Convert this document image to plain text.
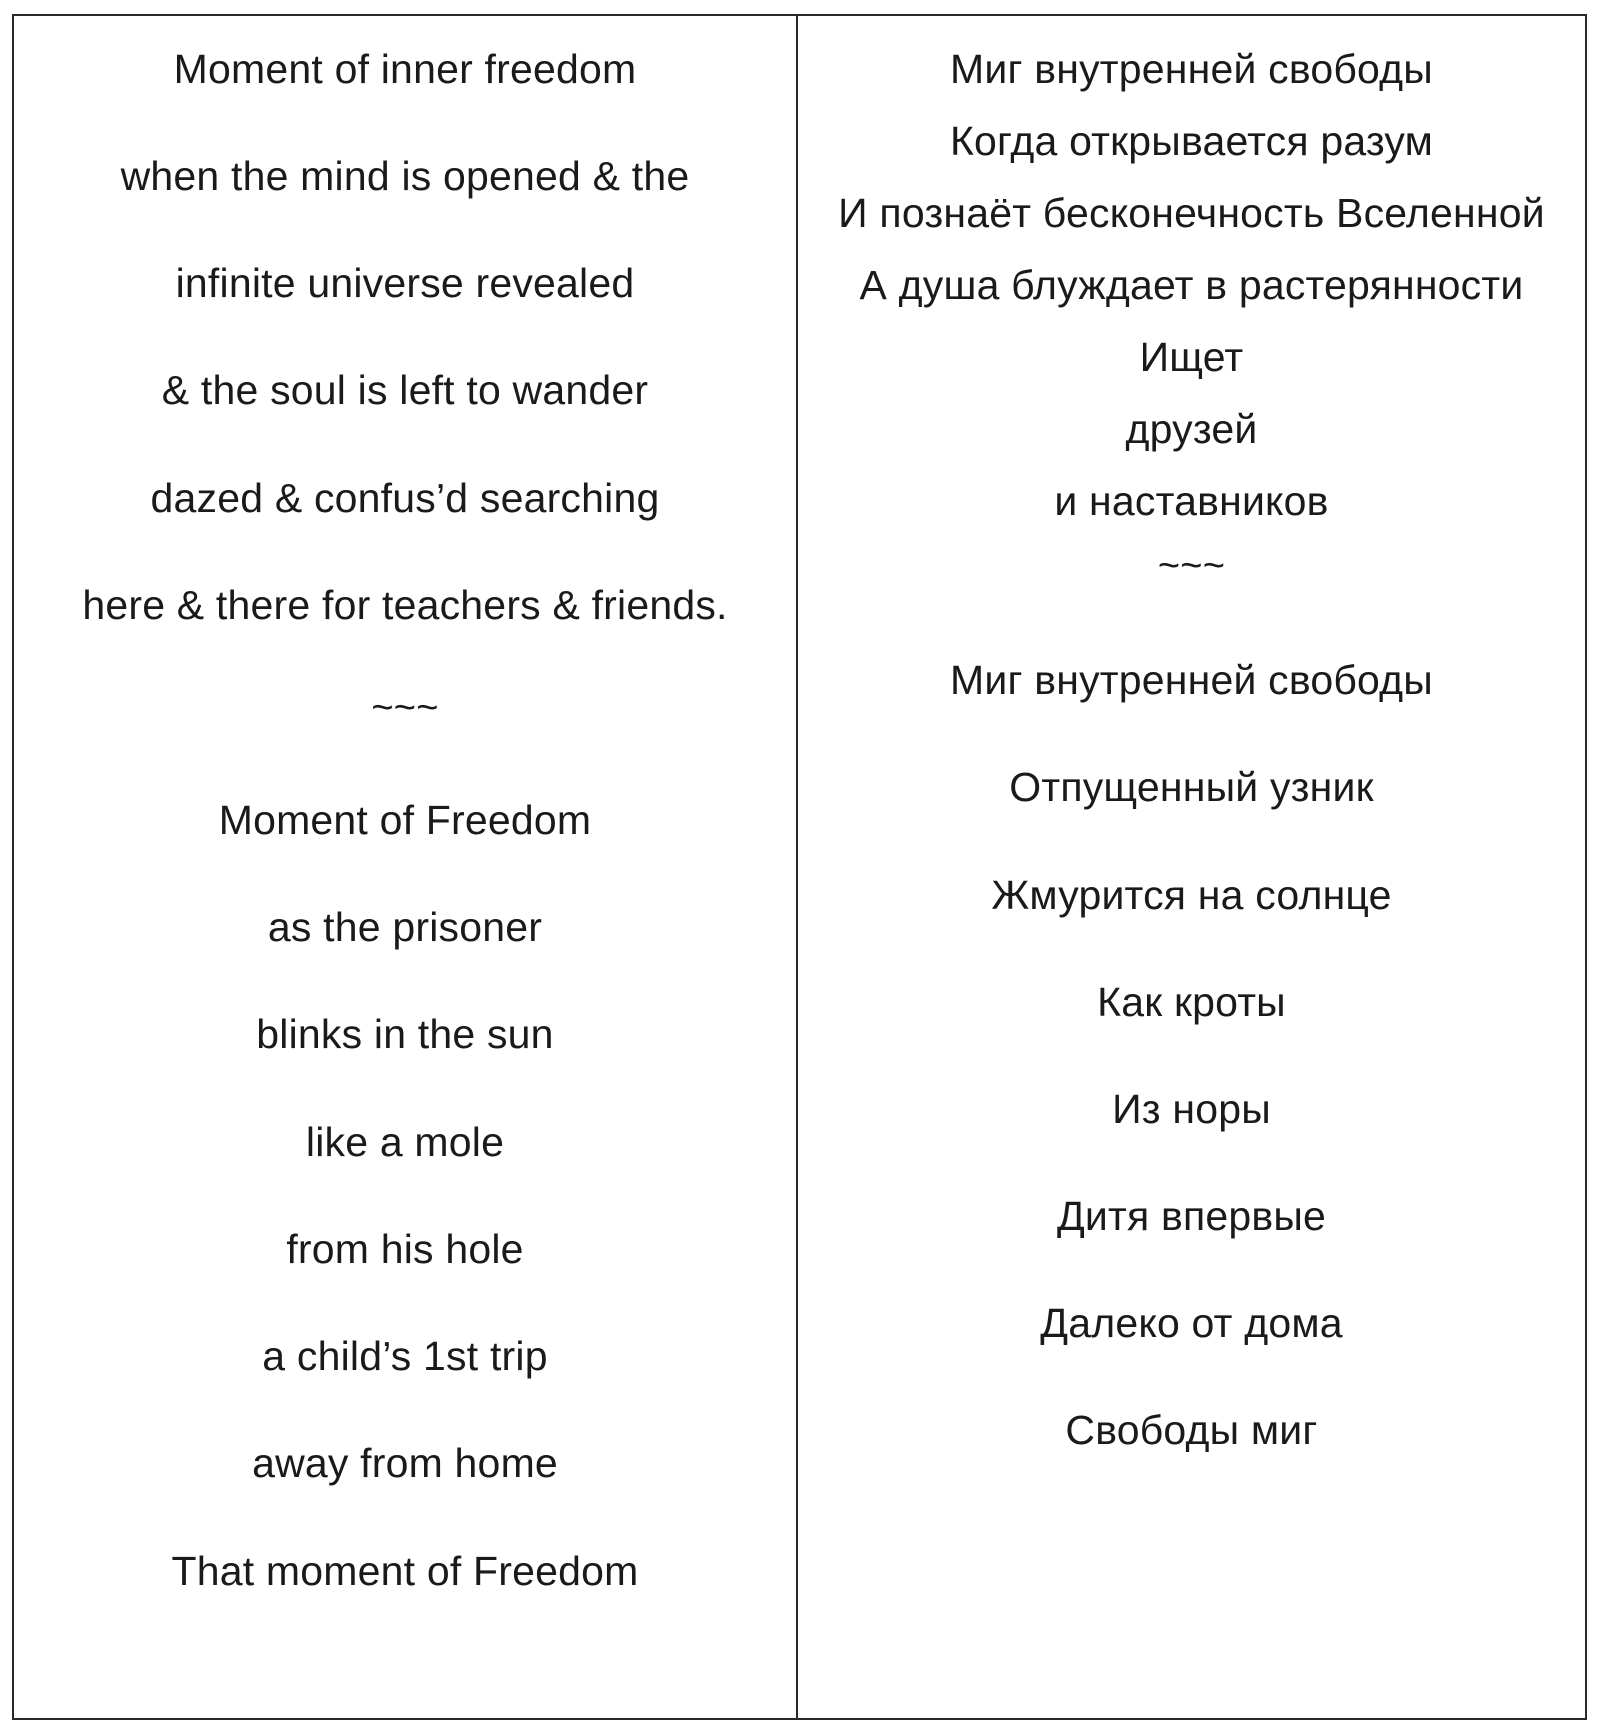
Moment of inner freedom
when the mind is opened & the
infinite universe revealed
& the soul is left to wander
dazed & confus’d searching
here & there for teachers & friends.
~~~
Moment of Freedom
as the prisoner
blinks in the sun
like a mole
from his hole
a child’s 1st trip
away from home
That moment of Freedom
Миг внутренней свободы
Когда открывается разум
И познаёт бесконечность Вселенной
А душа блуждает в растерянности
Ищет
друзей
и наставников
~~~
Миг внутренней свободы
Отпущенный узник
Жмурится на солнце
Как кроты
Из норы
Дитя впервые
Далеко от дома
Свободы миг
